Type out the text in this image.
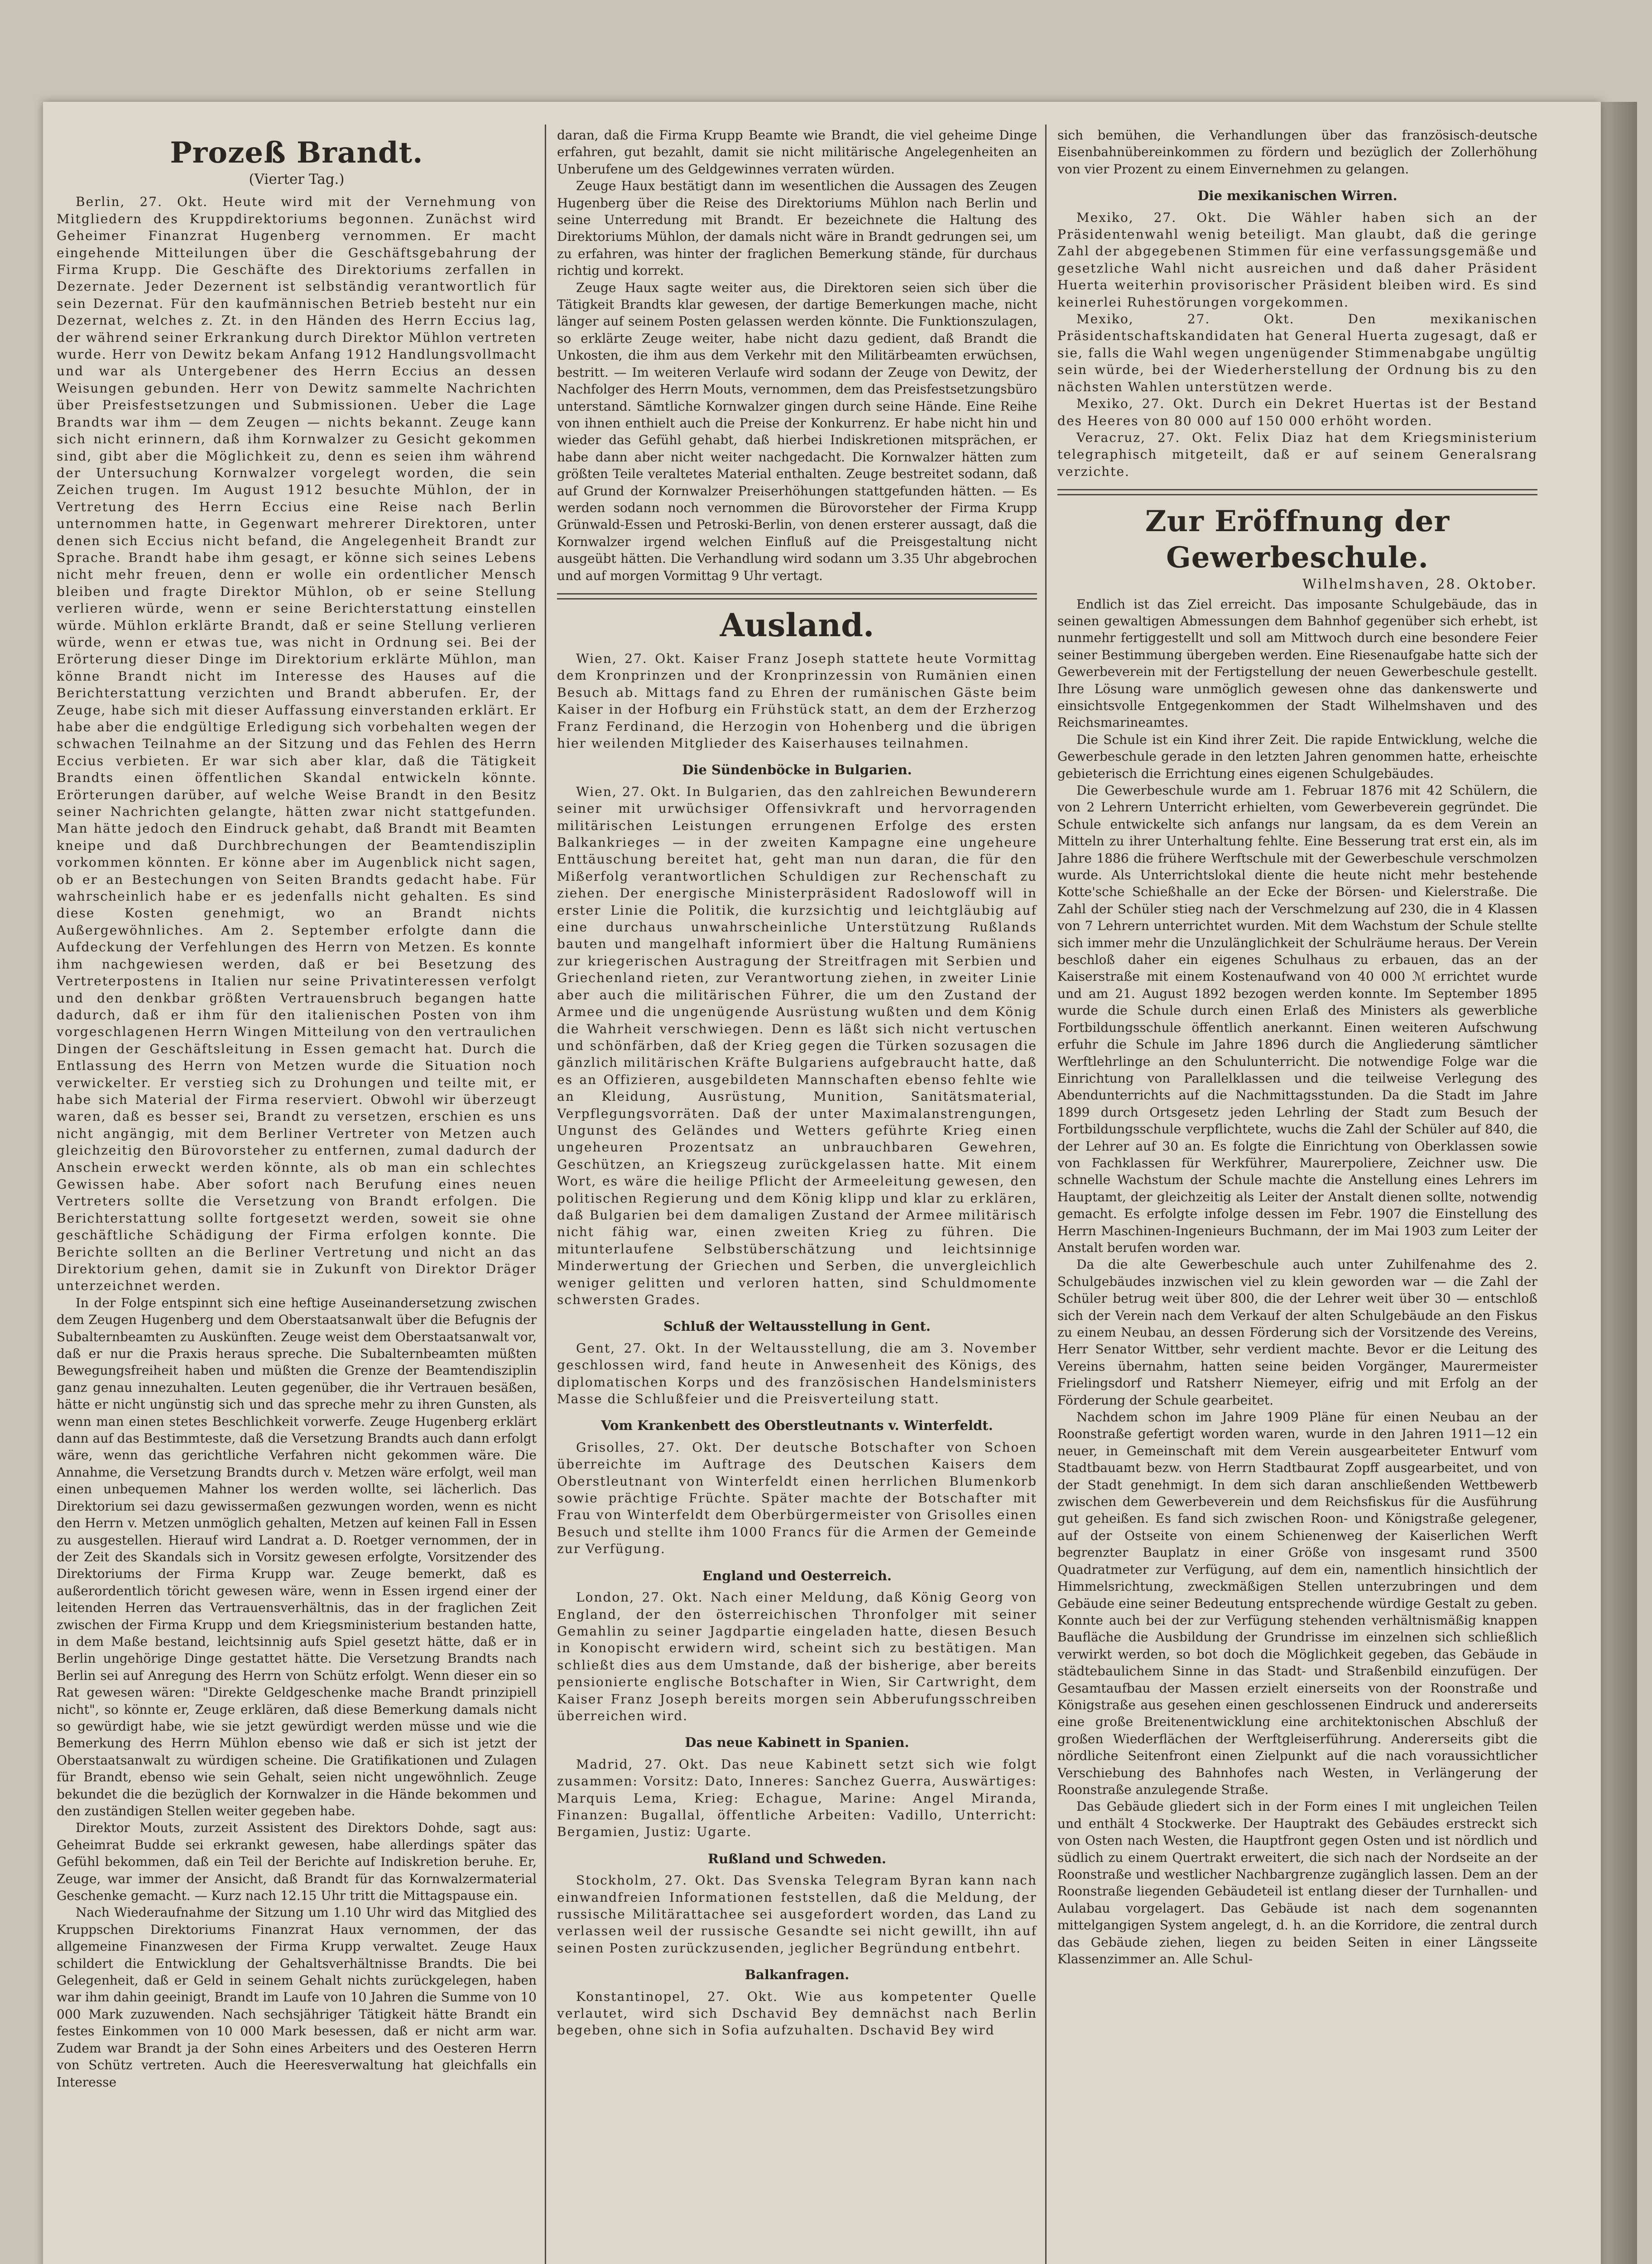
Prozeß Brandt.
(Vierter Tag.)

Berlin, 27. Okt. Heute wird mit der Vernehmung von Mitgliedern des Kruppdirektoriums begonnen. Zunächst wird Geheimer Finanzrat Hugenberg vernommen. Er macht eingehende Mitteilungen über die Geschäftsgebahrung der Firma Krupp. Die Geschäfte des Direktoriums zerfallen in Dezernate. Jeder Dezernent ist selbständig verantwortlich für sein Dezernat. Für den kaufmännischen Betrieb besteht nur ein Dezernat, welches z. Zt. in den Händen des Herrn Eccius lag, der während seiner Erkrankung durch Direktor Mühlon vertreten wurde. Herr von Dewitz bekam Anfang 1912 Handlungsvollmacht und war als Untergebener des Herrn Eccius an dessen Weisungen gebunden. Herr von Dewitz sammelte Nachrichten über Preisfestsetzungen und Submissionen. Ueber die Lage Brandts war ihm — dem Zeugen — nichts bekannt. Zeuge kann sich nicht erinnern, daß ihm Kornwalzer zu Gesicht gekommen sind, gibt aber die Möglichkeit zu, denn es seien ihm während der Untersuchung Kornwalzer vorgelegt worden, die sein Zeichen trugen. Im August 1912 besuchte Mühlon, der in Vertretung des Herrn Eccius eine Reise nach Berlin unternommen hatte, in Gegenwart mehrerer Direktoren, unter denen sich Eccius nicht befand, die Angelegenheit Brandt zur Sprache. Brandt habe ihm gesagt, er könne sich seines Lebens nicht mehr freuen, denn er wolle ein ordentlicher Mensch bleiben und fragte Direktor Mühlon, ob er seine Stellung verlieren würde, wenn er seine Berichterstattung einstellen würde. Mühlon erklärte Brandt, daß er seine Stellung verlieren würde, wenn er etwas tue, was nicht in Ordnung sei. Bei der Erörterung dieser Dinge im Direktorium erklärte Mühlon, man könne Brandt nicht im Interesse des Hauses auf die Berichterstattung verzichten und Brandt abberufen. Er, der Zeuge, habe sich mit dieser Auffassung einverstanden erklärt. Er habe aber die endgültige Erledigung sich vorbehalten wegen der schwachen Teilnahme an der Sitzung und das Fehlen des Herrn Eccius verbieten. Er war sich aber klar, daß die Tätigkeit Brandts einen öffentlichen Skandal entwickeln könnte. Erörterungen darüber, auf welche Weise Brandt in den Besitz seiner Nachrichten gelangte, hätten zwar nicht stattgefunden. Man hätte jedoch den Eindruck gehabt, daß Brandt mit Beamten kneipe und daß Durchbrechungen der Beamtendisziplin vorkommen könnten. Er könne aber im Augenblick nicht sagen, ob er an Bestechungen von Seiten Brandts gedacht habe. Für wahrscheinlich habe er es jedenfalls nicht gehalten. Es sind diese Kosten genehmigt, wo an Brandt nichts Außergewöhnliches. Am 2. September erfolgte dann die Aufdeckung der Verfehlungen des Herrn von Metzen. Es konnte ihm nachgewiesen werden, daß er bei Besetzung des Vertreterpostens in Italien nur seine Privatinteressen verfolgt und den denkbar größten Vertrauensbruch begangen hatte dadurch, daß er ihm für den italienischen Posten von ihm vorgeschlagenen Herrn Wingen Mitteilung von den vertraulichen Dingen der Geschäftsleitung in Essen gemacht hat. Durch die Entlassung des Herrn von Metzen wurde die Situation noch verwickelter. Er verstieg sich zu Drohungen und teilte mit, er habe sich Material der Firma reserviert. Obwohl wir überzeugt waren, daß es besser sei, Brandt zu versetzen, erschien es uns nicht angängig, mit dem Berliner Vertreter von Metzen auch gleichzeitig den Bürovorsteher zu entfernen, zumal dadurch der Anschein erweckt werden könnte, als ob man ein schlechtes Gewissen habe. Aber sofort nach Berufung eines neuen Vertreters sollte die Versetzung von Brandt erfolgen. Die Berichterstattung sollte fortgesetzt werden, soweit sie ohne geschäftliche Schädigung der Firma erfolgen konnte. Die Berichte sollten an die Berliner Vertretung und nicht an das Direktorium gehen, damit sie in Zukunft von Direktor Dräger unterzeichnet werden.

In der Folge entspinnt sich eine heftige Auseinandersetzung zwischen dem Zeugen Hugenberg und dem Oberstaatsanwalt über die Befugnis der Subalternbeamten zu Auskünften. Zeuge weist dem Oberstaatsanwalt vor, daß er nur die Praxis heraus spreche. Die Subalternbeamten müßten Bewegungsfreiheit haben und müßten die Grenze der Beamtendisziplin ganz genau innezuhalten. Leuten gegenüber, die ihr Vertrauen besäßen, hätte er nicht ungünstig sich und das spreche mehr zu ihren Gunsten, als wenn man einen stetes Beschlichkeit vorwerfe. Zeuge Hugenberg erklärt dann auf das Bestimmteste, daß die Versetzung Brandts auch dann erfolgt wäre, wenn das gerichtliche Verfahren nicht gekommen wäre. Die Annahme, die Versetzung Brandts durch v. Metzen wäre erfolgt, weil man einen unbequemen Mahner los werden wollte, sei lächerlich. Das Direktorium sei dazu gewissermaßen gezwungen worden, wenn es nicht den Herrn v. Metzen unmöglich gehalten, Metzen auf keinen Fall in Essen zu ausgestellen. Hierauf wird Landrat a. D. Roetger vernommen, der in der Zeit des Skandals sich in Vorsitz gewesen erfolgte, Vorsitzender des Direktoriums der Firma Krupp war. Zeuge bemerkt, daß es außerordentlich töricht gewesen wäre, wenn in Essen irgend einer der leitenden Herren das Vertrauensverhältnis, das in der fraglichen Zeit zwischen der Firma Krupp und dem Kriegsministerium bestanden hatte, in dem Maße bestand, leichtsinnig aufs Spiel gesetzt hätte, daß er in Berlin ungehörige Dinge gestattet hätte. Die Versetzung Brandts nach Berlin sei auf Anregung des Herrn von Schütz erfolgt. Wenn dieser ein so Rat gewesen wären: "Direkte Geldgeschenke mache Brandt prinzipiell nicht", so könnte er, Zeuge erklären, daß diese Bemerkung damals nicht so gewürdigt habe, wie sie jetzt gewürdigt werden müsse und wie die Bemerkung des Herrn Mühlon ebenso wie daß er sich ist jetzt der Oberstaatsanwalt zu würdigen scheine. Die Gratifikationen und Zulagen für Brandt, ebenso wie sein Gehalt, seien nicht ungewöhnlich. Zeuge bekundet die die bezüglich der Kornwalzer in die Hände bekommen und den zuständigen Stellen weiter gegeben habe.

Direktor Mouts, zurzeit Assistent des Direktors Dohde, sagt aus: Geheimrat Budde sei erkrankt gewesen, habe allerdings später das Gefühl bekommen, daß ein Teil der Berichte auf Indiskretion beruhe. Er, Zeuge, war immer der Ansicht, daß Brandt für das Kornwalzermaterial Geschenke gemacht. — Kurz nach 12.15 Uhr tritt die Mittagspause ein.

Nach Wiederaufnahme der Sitzung um 1.10 Uhr wird das Mitglied des Kruppschen Direktoriums Finanzrat Haux vernommen, der das allgemeine Finanzwesen der Firma Krupp verwaltet. Zeuge Haux schildert die Entwicklung der Gehaltsverhältnisse Brandts. Die bei Gelegenheit, daß er Geld in seinem Gehalt nichts zurückgelegen, haben war ihm dahin geeinigt, Brandt im Laufe von 10 Jahren die Summe von 10 000 Mark zuzuwenden. Nach sechsjähriger Tätigkeit hätte Brandt ein festes Einkommen von 10 000 Mark besessen, daß er nicht arm war. Zudem war Brandt ja der Sohn eines Arbeiters und des Oesteren Herrn von Schütz vertreten. Auch die Heeresverwaltung hat gleichfalls ein Interesse

daran, daß die Firma Krupp Beamte wie Brandt, die viel geheime Dinge erfahren, gut bezahlt, damit sie nicht militärische Angelegenheiten an Unberufene um des Geldgewinnes verraten würden.

Zeuge Haux bestätigt dann im wesentlichen die Aussagen des Zeugen Hugenberg über die Reise des Direktoriums Mühlon nach Berlin und seine Unterredung mit Brandt. Er bezeichnete die Haltung des Direktoriums Mühlon, der damals nicht wäre in Brandt gedrungen sei, um zu erfahren, was hinter der fraglichen Bemerkung stände, für durchaus richtig und korrekt.

Zeuge Haux sagte weiter aus, die Direktoren seien sich über die Tätigkeit Brandts klar gewesen, der dartige Bemerkungen mache, nicht länger auf seinem Posten gelassen werden könnte. Die Funktionszulagen, so erklärte Zeuge weiter, habe nicht dazu gedient, daß Brandt die Unkosten, die ihm aus dem Verkehr mit den Militärbeamten erwüchsen, bestritt. — Im weiteren Verlaufe wird sodann der Zeuge von Dewitz, der Nachfolger des Herrn Mouts, vernommen, dem das Preisfestsetzungsbüro unterstand. Sämtliche Kornwalzer gingen durch seine Hände. Eine Reihe von ihnen enthielt auch die Preise der Konkurrenz. Er habe nicht hin und wieder das Gefühl gehabt, daß hierbei Indiskretionen mitsprächen, er habe dann aber nicht weiter nachgedacht. Die Kornwalzer hätten zum größten Teile veraltetes Material enthalten. Zeuge bestreitet sodann, daß auf Grund der Kornwalzer Preiserhöhungen stattgefunden hätten. — Es werden sodann noch vernommen die Bürovorsteher der Firma Krupp Grünwald-Essen und Petroski-Berlin, von denen ersterer aussagt, daß die Kornwalzer irgend welchen Einfluß auf die Preisgestaltung nicht ausgeübt hätten. Die Verhandlung wird sodann um 3.35 Uhr abgebrochen und auf morgen Vormittag 9 Uhr vertagt.

Ausland.

Wien, 27. Okt. Kaiser Franz Joseph stattete heute Vormittag dem Kronprinzen und der Kronprinzessin von Rumänien einen Besuch ab. Mittags fand zu Ehren der rumänischen Gäste beim Kaiser in der Hofburg ein Frühstück statt, an dem der Erzherzog Franz Ferdinand, die Herzogin von Hohenberg und die übrigen hier weilenden Mitglieder des Kaiserhauses teilnahmen.

Die Sündenböcke in Bulgarien.

Wien, 27. Okt. In Bulgarien, das den zahlreichen Bewunderern seiner mit urwüchsiger Offensivkraft und hervorragenden militärischen Leistungen errungenen Erfolge des ersten Balkankrieges — in der zweiten Kampagne eine ungeheure Enttäuschung bereitet hat, geht man nun daran, die für den Mißerfolg verantwortlichen Schuldigen zur Rechenschaft zu ziehen. Der energische Ministerpräsident Radoslowoff will in erster Linie die Politik, die kurzsichtig und leichtgläubig auf eine durchaus unwahrscheinliche Unterstützung Rußlands bauten und mangelhaft informiert über die Haltung Rumäniens zur kriegerischen Austragung der Streitfragen mit Serbien und Griechenland rieten, zur Verantwortung ziehen, in zweiter Linie aber auch die militärischen Führer, die um den Zustand der Armee und die ungenügende Ausrüstung wußten und dem König die Wahrheit verschwiegen. Denn es läßt sich nicht vertuschen und schönfärben, daß der Krieg gegen die Türken sozusagen die gänzlich militärischen Kräfte Bulgariens aufgebraucht hatte, daß es an Offizieren, ausgebildeten Mannschaften ebenso fehlte wie an Kleidung, Ausrüstung, Munition, Sanitätsmaterial, Verpflegungsvorräten. Daß der unter Maximalanstrengungen, Ungunst des Geländes und Wetters geführte Krieg einen ungeheuren Prozentsatz an unbrauchbaren Gewehren, Geschützen, an Kriegszeug zurückgelassen hatte. Mit einem Wort, es wäre die heilige Pflicht der Armeeleitung gewesen, den politischen Regierung und dem König klipp und klar zu erklären, daß Bulgarien bei dem damaligen Zustand der Armee militärisch nicht fähig war, einen zweiten Krieg zu führen. Die mitunterlaufene Selbstüberschätzung und leichtsinnige Minderwertung der Griechen und Serben, die unvergleichlich weniger gelitten und verloren hatten, sind Schuldmomente schwersten Grades.

Schluß der Weltausstellung in Gent.

Gent, 27. Okt. In der Weltausstellung, die am 3. November geschlossen wird, fand heute in Anwesenheit des Königs, des diplomatischen Korps und des französischen Handelsministers Masse die Schlußfeier und die Preisverteilung statt.

Vom Krankenbett des Oberstleutnants v. Winterfeldt.

Grisolles, 27. Okt. Der deutsche Botschafter von Schoen überreichte im Auftrage des Deutschen Kaisers dem Oberstleutnant von Winterfeldt einen herrlichen Blumenkorb sowie prächtige Früchte. Später machte der Botschafter mit Frau von Winterfeldt dem Oberbürgermeister von Grisolles einen Besuch und stellte ihm 1000 Francs für die Armen der Gemeinde zur Verfügung.

England und Oesterreich.

London, 27. Okt. Nach einer Meldung, daß König Georg von England, der den österreichischen Thronfolger mit seiner Gemahlin zu seiner Jagdpartie eingeladen hatte, diesen Besuch in Konopischt erwidern wird, scheint sich zu bestätigen. Man schließt dies aus dem Umstande, daß der bisherige, aber bereits pensionierte englische Botschafter in Wien, Sir Cartwright, dem Kaiser Franz Joseph bereits morgen sein Abberufungsschreiben überreichen wird.

Das neue Kabinett in Spanien.

Madrid, 27. Okt. Das neue Kabinett setzt sich wie folgt zusammen: Vorsitz: Dato, Inneres: Sanchez Guerra, Auswärtiges: Marquis Lema, Krieg: Echague, Marine: Angel Miranda, Finanzen: Bugallal, öffentliche Arbeiten: Vadillo, Unterricht: Bergamien, Justiz: Ugarte.

Rußland und Schweden.

Stockholm, 27. Okt. Das Svenska Telegram Byran kann nach einwandfreien Informationen feststellen, daß die Meldung, der russische Militärattachee sei ausgefordert worden, das Land zu verlassen weil der russische Gesandte sei nicht gewillt, ihn auf seinen Posten zurückzusenden, jeglicher Begründung entbehrt.

Balkanfragen.

Konstantinopel, 27. Okt. Wie aus kompetenter Quelle verlautet, wird sich Dschavid Bey demnächst nach Berlin begeben, ohne sich in Sofia aufzuhalten. Dschavid Bey wird

sich bemühen, die Verhandlungen über das französisch-deutsche Eisenbahnübereinkommen zu fördern und bezüglich der Zollerhöhung von vier Prozent zu einem Einvernehmen zu gelangen.

Die mexikanischen Wirren.

Mexiko, 27. Okt. Die Wähler haben sich an der Präsidentenwahl wenig beteiligt. Man glaubt, daß die geringe Zahl der abgegebenen Stimmen für eine verfassungsgemäße und gesetzliche Wahl nicht ausreichen und daß daher Präsident Huerta weiterhin provisorischer Präsident bleiben wird. Es sind keinerlei Ruhestörungen vorgekommen.

Mexiko, 27. Okt. Den mexikanischen Präsidentschaftskandidaten hat General Huerta zugesagt, daß er sie, falls die Wahl wegen ungenügender Stimmenabgabe ungültig sein würde, bei der Wiederherstellung der Ordnung bis zu den nächsten Wahlen unterstützen werde.

Mexiko, 27. Okt. Durch ein Dekret Huertas ist der Bestand des Heeres von 80 000 auf 150 000 erhöht worden.

Veracruz, 27. Okt. Felix Diaz hat dem Kriegsministerium telegraphisch mitgeteilt, daß er auf seinem Generalsrang verzichte.

Zur Eröffnung der Gewerbeschule.
Wilhelmshaven, 28. Oktober.

Endlich ist das Ziel erreicht. Das imposante Schulgebäude, das in seinen gewaltigen Abmessungen dem Bahnhof gegenüber sich erhebt, ist nunmehr fertiggestellt und soll am Mittwoch durch eine besondere Feier seiner Bestimmung übergeben werden. Eine Riesenaufgabe hatte sich der Gewerbeverein mit der Fertigstellung der neuen Gewerbeschule gestellt. Ihre Lösung ware unmöglich gewesen ohne das dankenswerte und einsichtsvolle Entgegenkommen der Stadt Wilhelmshaven und des Reichsmarineamtes.

Die Schule ist ein Kind ihrer Zeit. Die rapide Entwicklung, welche die Gewerbeschule gerade in den letzten Jahren genommen hatte, erheischte gebieterisch die Errichtung eines eigenen Schulgebäudes.

Die Gewerbeschule wurde am 1. Februar 1876 mit 42 Schülern, die von 2 Lehrern Unterricht erhielten, vom Gewerbeverein gegründet. Die Schule entwickelte sich anfangs nur langsam, da es dem Verein an Mitteln zu ihrer Unterhaltung fehlte. Eine Besserung trat erst ein, als im Jahre 1886 die frühere Werftschule mit der Gewerbeschule verschmolzen wurde. Als Unterrichtslokal diente die heute nicht mehr bestehende Kotte'sche Schießhalle an der Ecke der Börsen- und Kielerstraße. Die Zahl der Schüler stieg nach der Verschmelzung auf 230, die in 4 Klassen von 7 Lehrern unterrichtet wurden. Mit dem Wachstum der Schule stellte sich immer mehr die Unzulänglichkeit der Schulräume heraus. Der Verein beschloß daher ein eigenes Schulhaus zu erbauen, das an der Kaiserstraße mit einem Kostenaufwand von 40 000 ℳ errichtet wurde und am 21. August 1892 bezogen werden konnte. Im September 1895 wurde die Schule durch einen Erlaß des Ministers als gewerbliche Fortbildungsschule öffentlich anerkannt. Einen weiteren Aufschwung erfuhr die Schule im Jahre 1896 durch die Angliederung sämtlicher Werftlehrlinge an den Schulunterricht. Die notwendige Folge war die Einrichtung von Parallelklassen und die teilweise Verlegung des Abendunterrichts auf die Nachmittagsstunden. Da die Stadt im Jahre 1899 durch Ortsgesetz jeden Lehrling der Stadt zum Besuch der Fortbildungsschule verpflichtete, wuchs die Zahl der Schüler auf 840, die der Lehrer auf 30 an. Es folgte die Einrichtung von Oberklassen sowie von Fachklassen für Werkführer, Maurerpoliere, Zeichner usw. Die schnelle Wachstum der Schule machte die Anstellung eines Lehrers im Hauptamt, der gleichzeitig als Leiter der Anstalt dienen sollte, notwendig gemacht. Es erfolgte infolge dessen im Febr. 1907 die Einstellung des Herrn Maschinen-Ingenieurs Buchmann, der im Mai 1903 zum Leiter der Anstalt berufen worden war.

Da die alte Gewerbeschule auch unter Zuhilfenahme des 2. Schulgebäudes inzwischen viel zu klein geworden war — die Zahl der Schüler betrug weit über 800, die der Lehrer weit über 30 — entschloß sich der Verein nach dem Verkauf der alten Schulgebäude an den Fiskus zu einem Neubau, an dessen Förderung sich der Vorsitzende des Vereins, Herr Senator Wittber, sehr verdient machte. Bevor er die Leitung des Vereins übernahm, hatten seine beiden Vorgänger, Maurermeister Frielingsdorf und Ratsherr Niemeyer, eifrig und mit Erfolg an der Förderung der Schule gearbeitet.

Nachdem schon im Jahre 1909 Pläne für einen Neubau an der Roonstraße gefertigt worden waren, wurde in den Jahren 1911—12 ein neuer, in Gemeinschaft mit dem Verein ausgearbeiteter Entwurf vom Stadtbauamt bezw. von Herrn Stadtbaurat Zopff ausgearbeitet, und von der Stadt genehmigt. In dem sich daran anschließenden Wettbewerb zwischen dem Gewerbeverein und dem Reichsfiskus für die Ausführung gut geheißen. Es fand sich zwischen Roon- und Königstraße gelegener, auf der Ostseite von einem Schienenweg der Kaiserlichen Werft begrenzter Bauplatz in einer Größe von insgesamt rund 3500 Quadratmeter zur Verfügung, auf dem ein, namentlich hinsichtlich der Himmelsrichtung, zweckmäßigen Stellen unterzubringen und dem Gebäude eine seiner Bedeutung entsprechende würdige Gestalt zu geben. Konnte auch bei der zur Verfügung stehenden verhältnismäßig knappen Baufläche die Ausbildung der Grundrisse im einzelnen sich schließlich verwirkt werden, so bot doch die Möglichkeit gegeben, das Gebäude in städtebaulichem Sinne in das Stadt- und Straßenbild einzufügen. Der Gesamtaufbau der Massen erzielt einerseits von der Roonstraße und Königstraße aus gesehen einen geschlossenen Eindruck und andererseits eine große Breitenentwicklung eine architektonischen Abschluß der großen Wiederflächen der Werftgleiserführung. Andererseits gibt die nördliche Seitenfront einen Zielpunkt auf die nach voraussichtlicher Verschiebung des Bahnhofes nach Westen, in Verlängerung der Roonstraße anzulegende Straße.

Das Gebäude gliedert sich in der Form eines I mit ungleichen Teilen und enthält 4 Stockwerke. Der Hauptrakt des Gebäudes erstreckt sich von Osten nach Westen, die Hauptfront gegen Osten und ist nördlich und südlich zu einem Quertrakt erweitert, die sich nach der Nordseite an der Roonstraße und westlicher Nachbargrenze zugänglich lassen. Dem an der Roonstraße liegenden Gebäudeteil ist entlang dieser der Turnhallen- und Aulabau vorgelagert. Das Gebäude ist nach dem sogenannten mittelgangigen System angelegt, d. h. an die Korridore, die zentral durch das Gebäude ziehen, liegen zu beiden Seiten in einer Längsseite Klassenzimmer an. Alle Schul-
